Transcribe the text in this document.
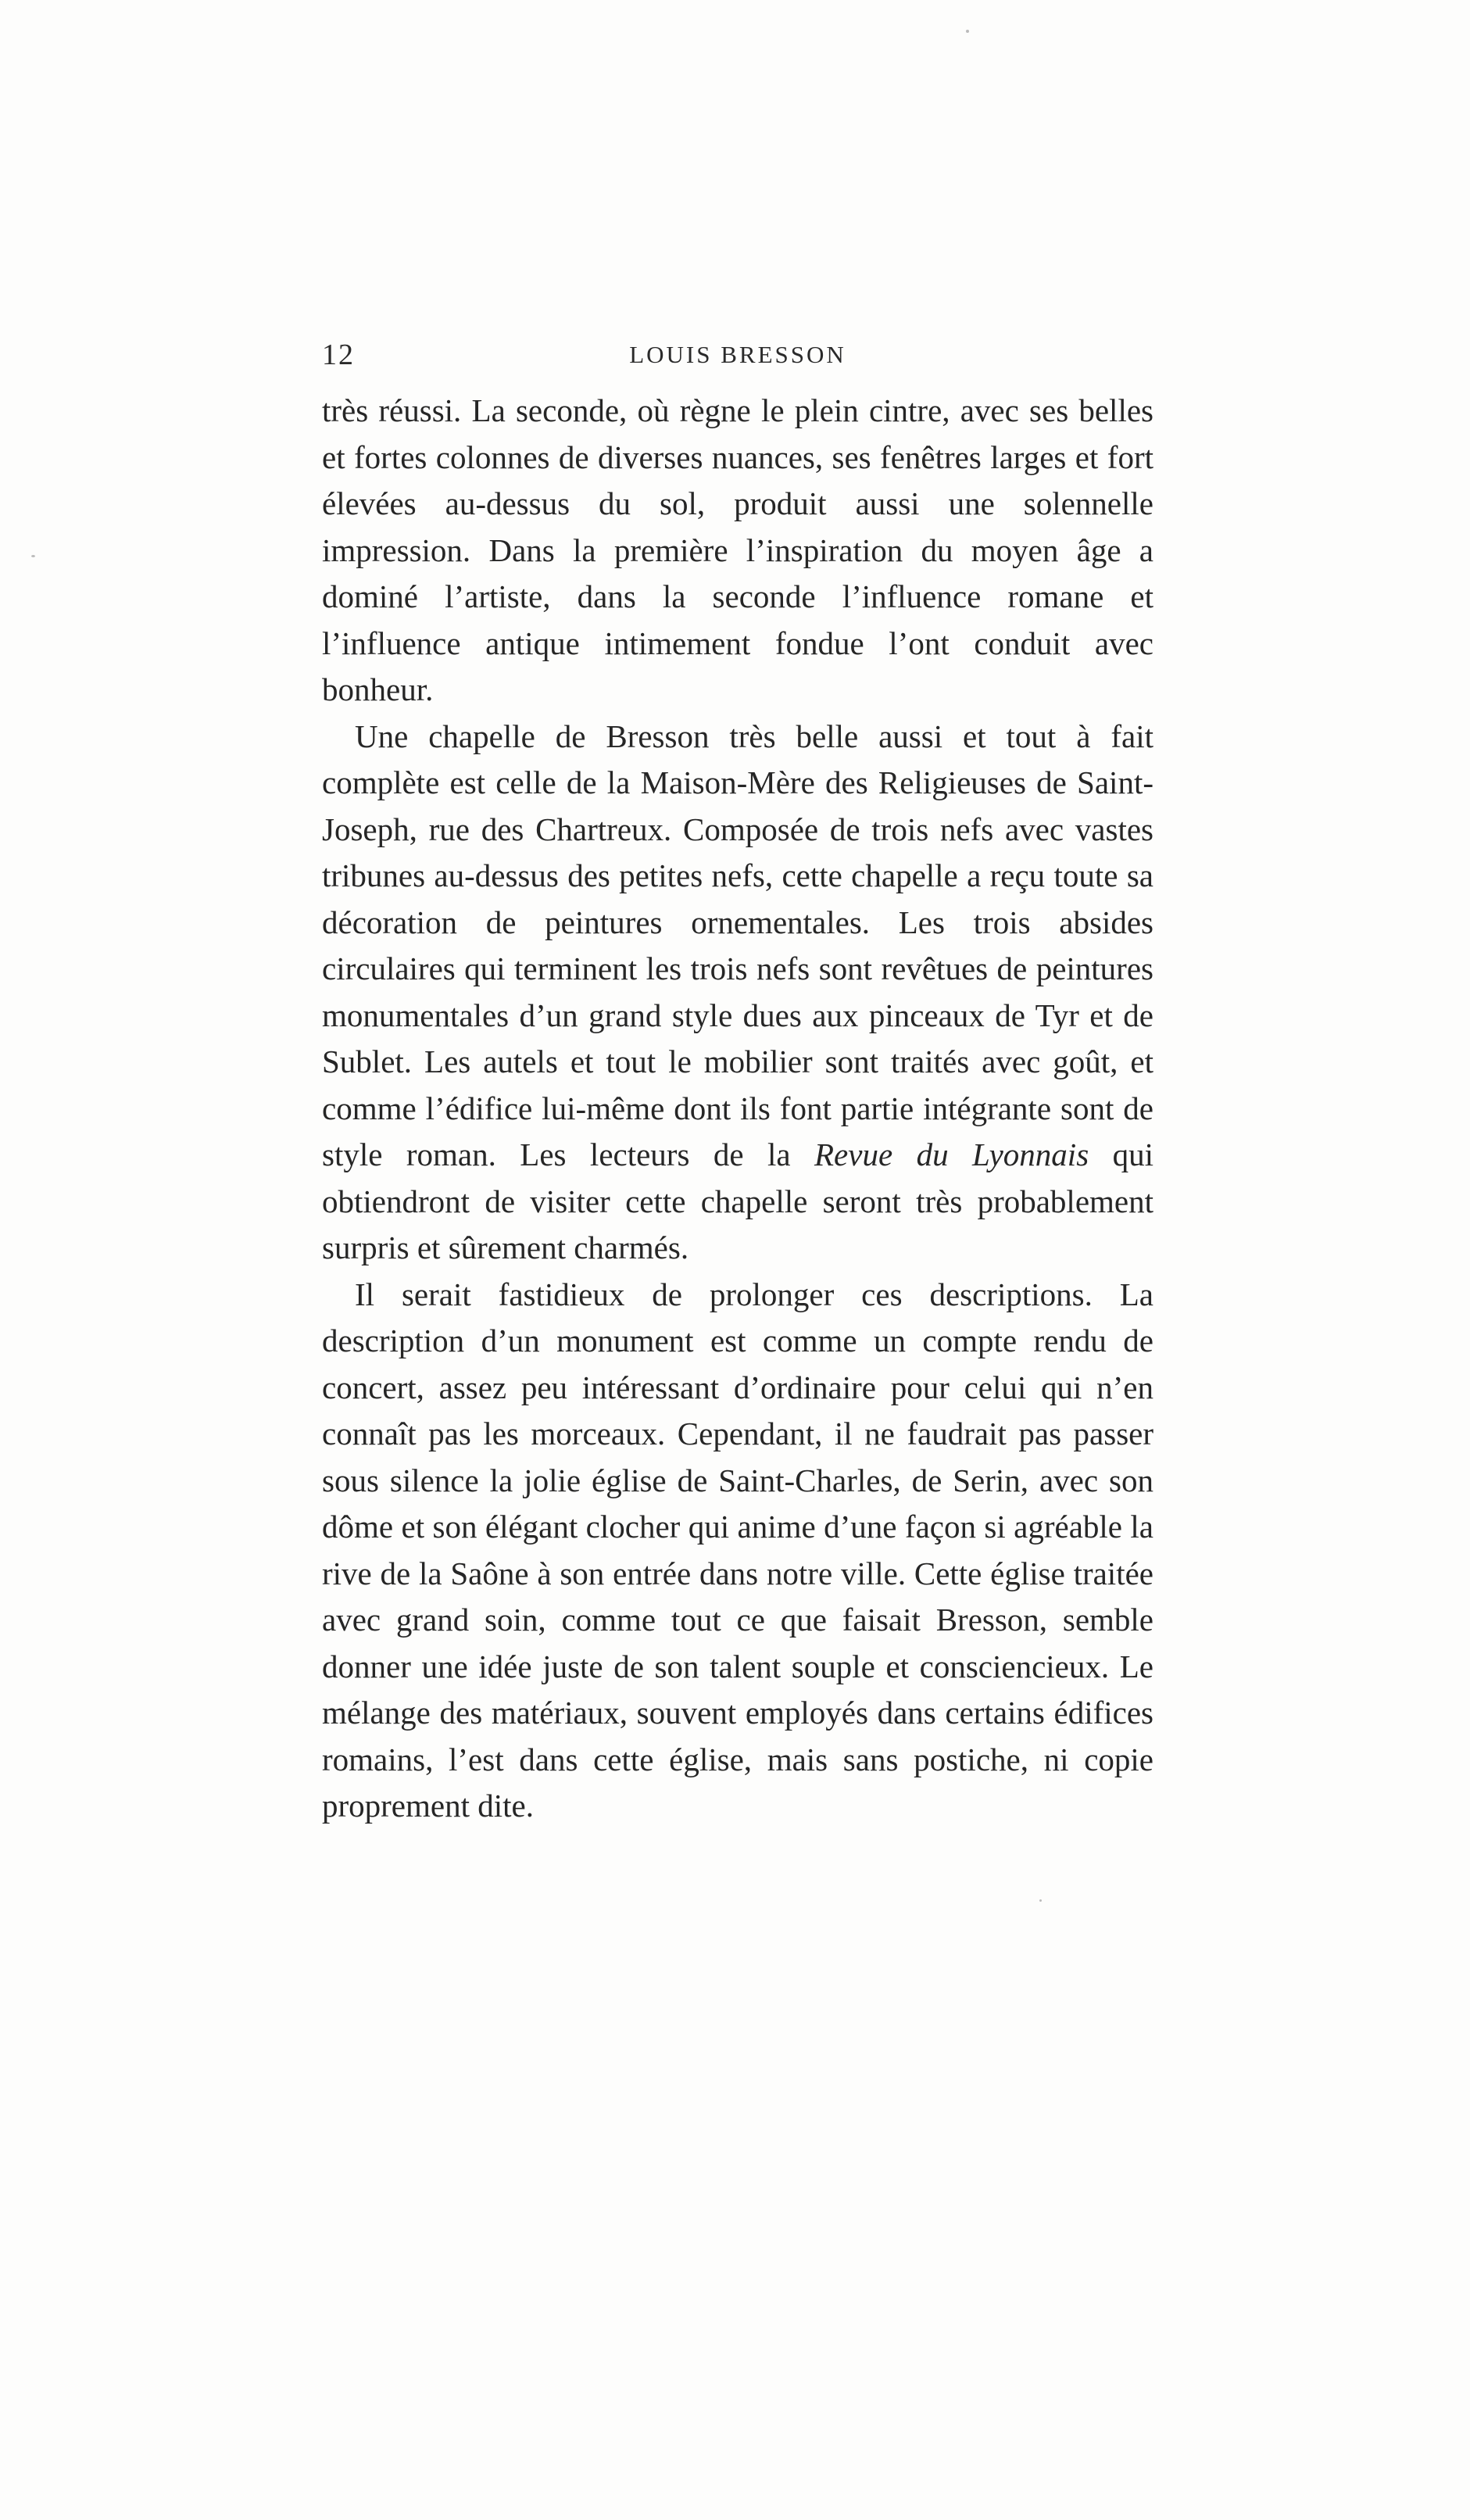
12	LOUIS BRESSON

très réussi. La seconde, où règne le plein cintre, avec ses belles et fortes colonnes de diverses nuances, ses fenêtres larges et fort élevées au-dessus du sol, produit aussi une solennelle impression. Dans la première l’inspiration du moyen âge a dominé l’artiste, dans la seconde l’influence romane et l’influence antique intimement fondue l’ont conduit avec bonheur.

Une chapelle de Bresson très belle aussi et tout à fait complète est celle de la Maison-Mère des Religieuses de Saint-Joseph, rue des Chartreux. Composée de trois nefs avec vastes tribunes au-dessus des petites nefs, cette chapelle a reçu toute sa décoration de peintures ornementales. Les trois absides circulaires qui terminent les trois nefs sont revêtues de peintures monumentales d’un grand style dues aux pinceaux de Tyr et de Sublet. Les autels et tout le mobilier sont traités avec goût, et comme l’édifice lui-même dont ils font partie intégrante sont de style roman. Les lecteurs de la Revue du Lyonnais qui obtiendront de visiter cette chapelle seront très probablement surpris et sûrement charmés.

Il serait fastidieux de prolonger ces descriptions. La description d’un monument est comme un compte rendu de concert, assez peu intéressant d’ordinaire pour celui qui n’en connaît pas les morceaux. Cependant, il ne faudrait pas passer sous silence la jolie église de Saint-Charles, de Serin, avec son dôme et son élégant clocher qui anime d’une façon si agréable la rive de la Saône à son entrée dans notre ville. Cette église traitée avec grand soin, comme tout ce que faisait Bresson, semble donner une idée juste de son talent souple et consciencieux. Le mélange des matériaux, souvent employés dans certains édifices romains, l’est dans cette église, mais sans postiche, ni copie proprement dite.
